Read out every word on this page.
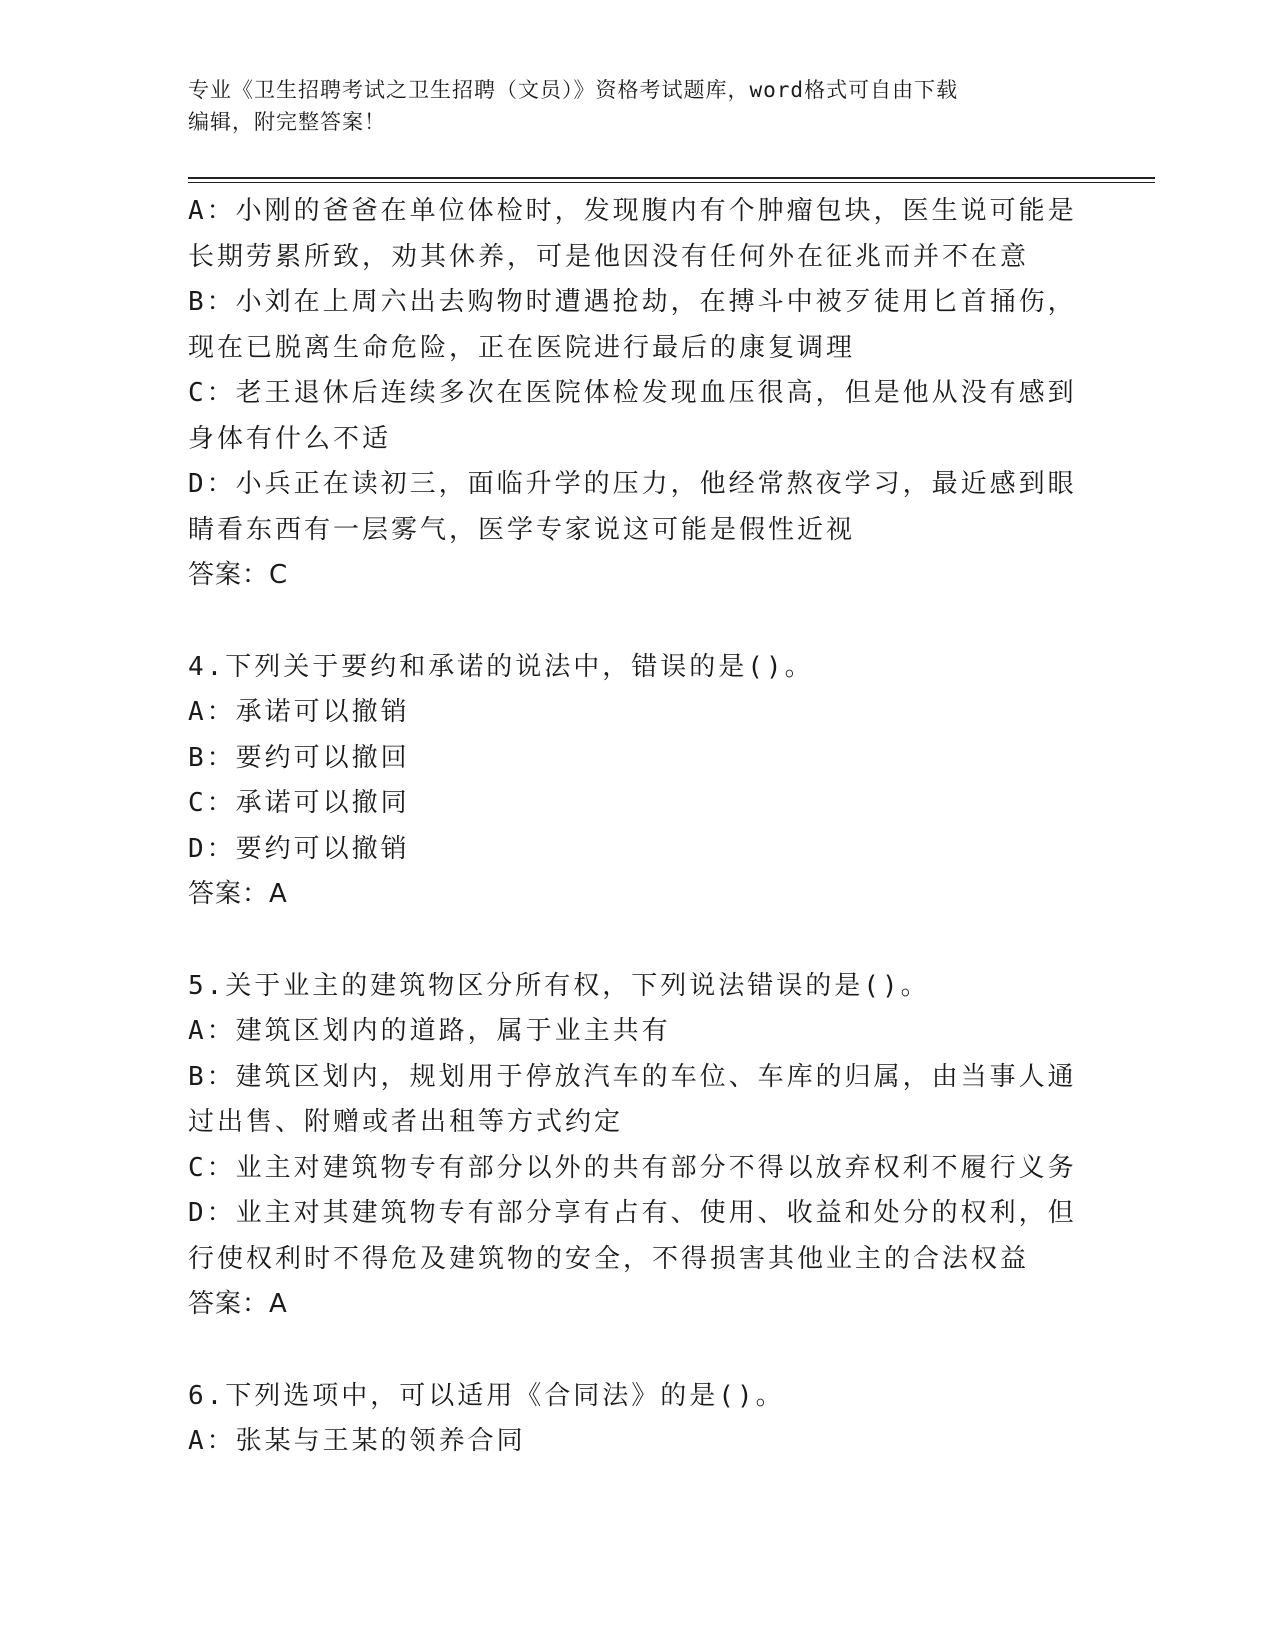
专业《卫生招聘考试之卫生招聘（文员）》资格考试题库，word格式可自由下载
编辑，附完整答案！
A：小刚的爸爸在单位体检时，发现腹内有个肿瘤包块，医生说可能是
长期劳累所致，劝其休养，可是他因没有任何外在征兆而并不在意
B：小刘在上周六出去购物时遭遇抢劫，在搏斗中被歹徒用匕首捅伤，
现在已脱离生命危险，正在医院进行最后的康复调理
C：老王退休后连续多次在医院体检发现血压很高，但是他从没有感到
身体有什么不适
D：小兵正在读初三，面临升学的压力，他经常熬夜学习，最近感到眼
睛看东西有一层雾气，医学专家说这可能是假性近视
答案：C
4.下列关于要约和承诺的说法中，错误的是()。
A：承诺可以撤销
B：要约可以撤回
C：承诺可以撤同
D：要约可以撤销
答案：A
5.关于业主的建筑物区分所有权，下列说法错误的是()。
A：建筑区划内的道路，属于业主共有
B：建筑区划内，规划用于停放汽车的车位、车库的归属，由当事人通
过出售、附赠或者出租等方式约定
C：业主对建筑物专有部分以外的共有部分不得以放弃权利不履行义务
D：业主对其建筑物专有部分享有占有、使用、收益和处分的权利，但
行使权利时不得危及建筑物的安全，不得损害其他业主的合法权益
答案：A
6.下列选项中，可以适用《合同法》的是()。
A：张某与王某的领养合同
